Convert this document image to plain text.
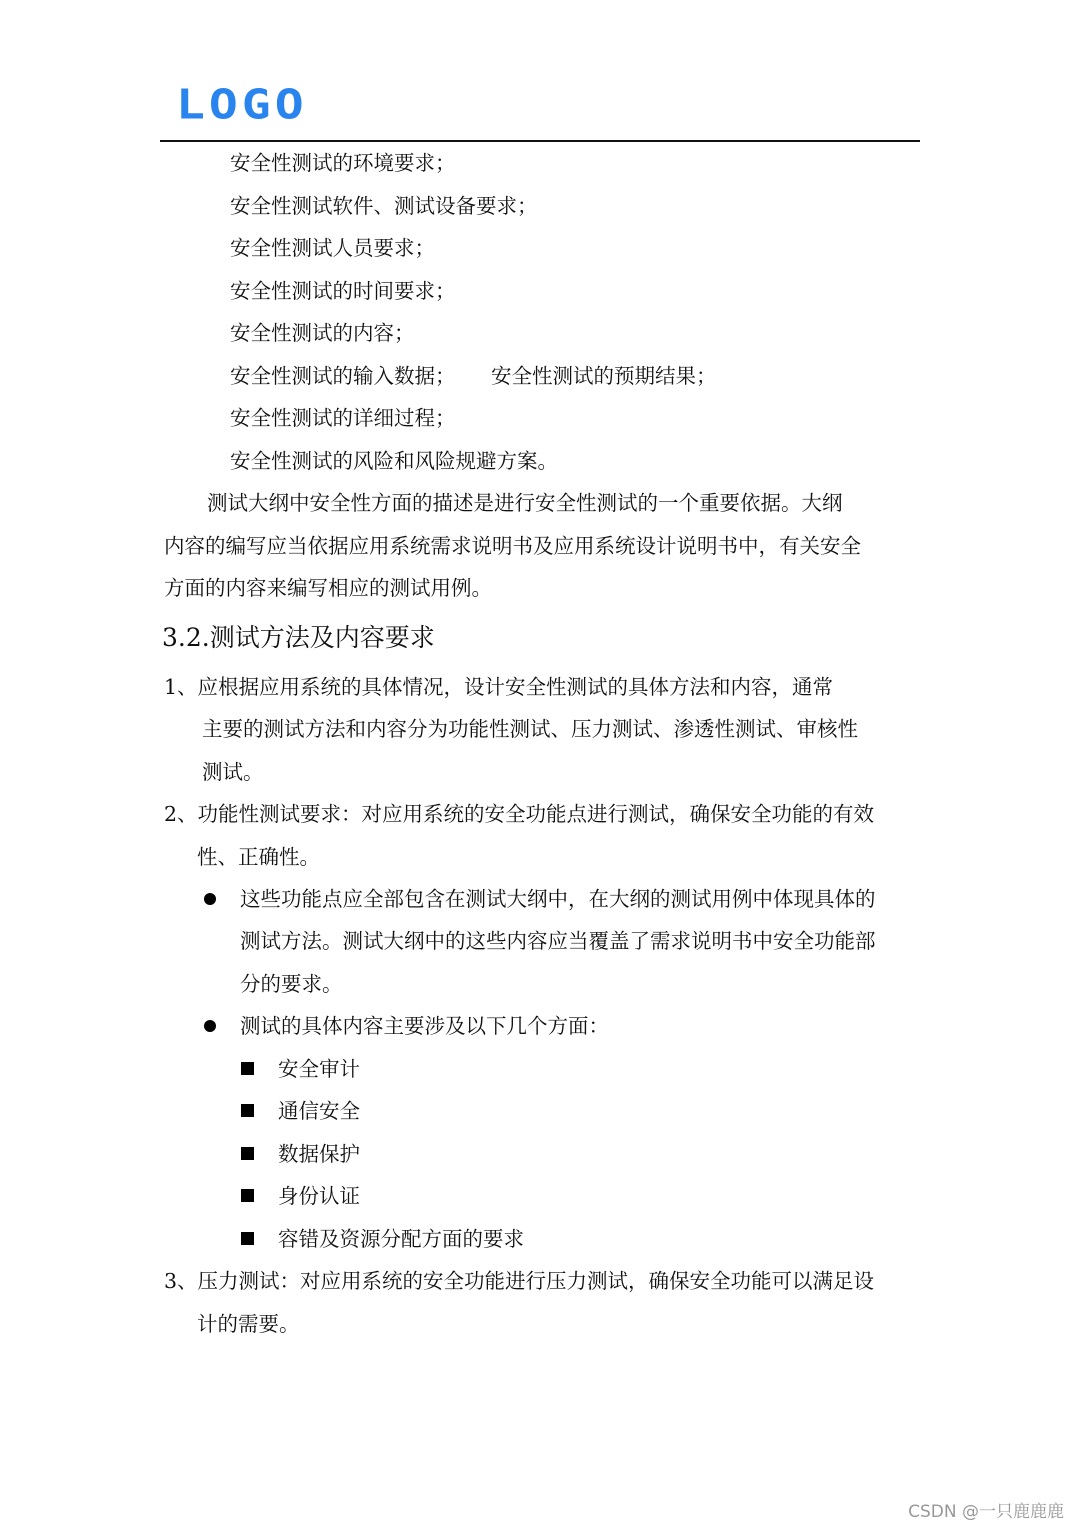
LOGO
安全性测试的环境要求；
安全性测试软件、测试设备要求；
安全性测试人员要求；
安全性测试的时间要求；
安全性测试的内容；
安全性测试的输入数据； 安全性测试的预期结果；
安全性测试的详细过程；
安全性测试的风险和风险规避方案。
测试大纲中安全性方面的描述是进行安全性测试的一个重要依据。大纲
内容的编写应当依据应用系统需求说明书及应用系统设计说明书中，有关安全
方面的内容来编写相应的测试用例。
3.2.测试方法及内容要求
1、应根据应用系统的具体情况，设计安全性测试的具体方法和内容，通常
主要的测试方法和内容分为功能性测试、压力测试、渗透性测试、审核性
测试。
2、功能性测试要求：对应用系统的安全功能点进行测试，确保安全功能的有效
性、正确性。
这些功能点应全部包含在测试大纲中，在大纲的测试用例中体现具体的
测试方法。测试大纲中的这些内容应当覆盖了需求说明书中安全功能部
分的要求。
测试的具体内容主要涉及以下几个方面：
安全审计
通信安全
数据保护
身份认证
容错及资源分配方面的要求
3、压力测试：对应用系统的安全功能进行压力测试，确保安全功能可以满足设
计的需要。
CSDN @一只鹿鹿鹿
